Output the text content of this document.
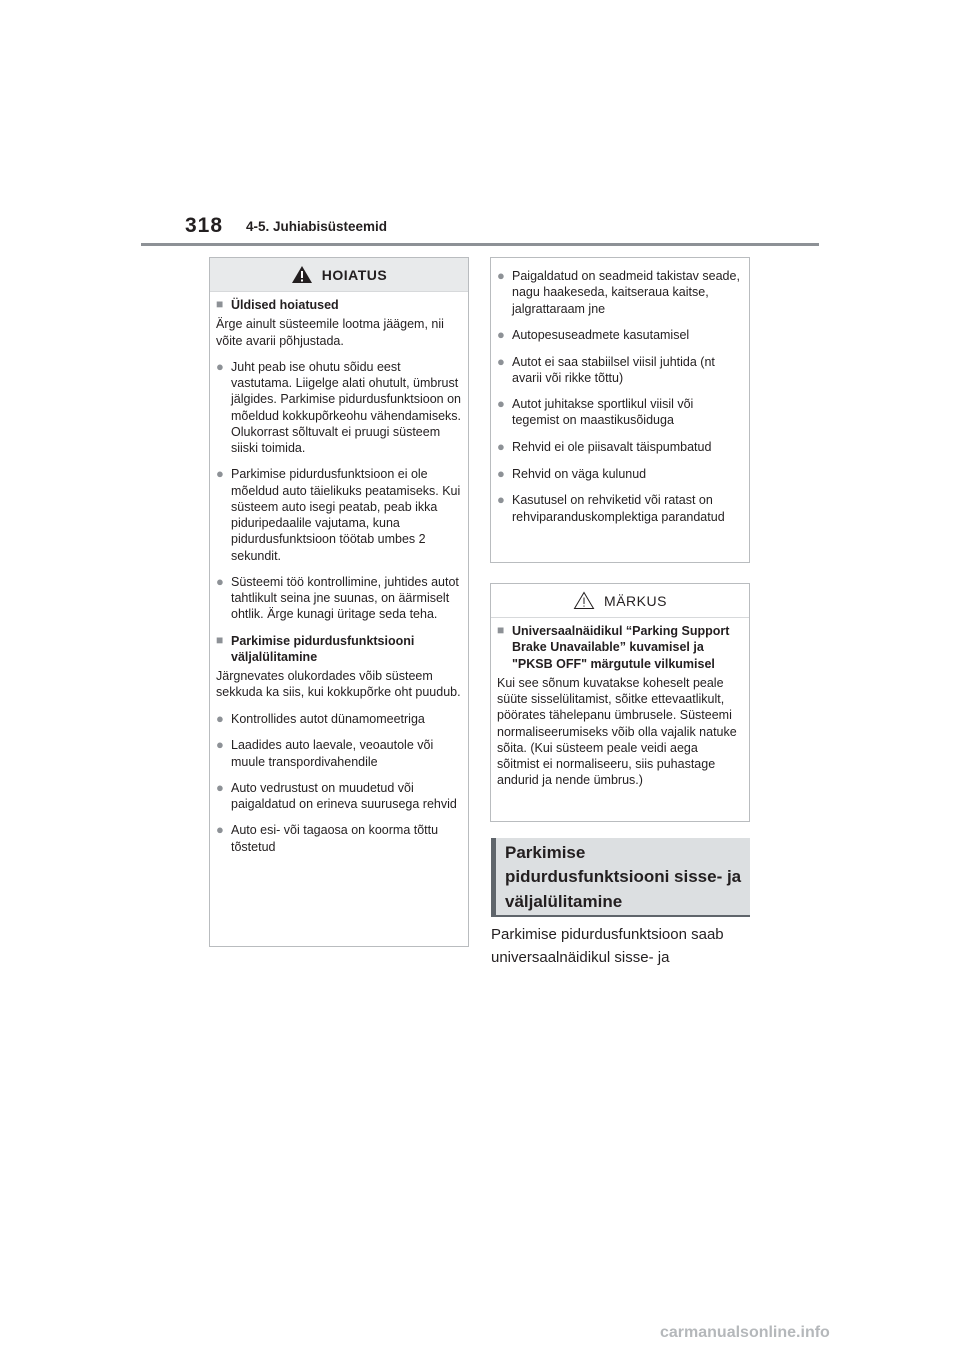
318 4-5. Juhiabisüsteemid
HOIATUS
■ Üldised hoiatused
Ärge ainult süsteemile lootma jäägem, nii võite avarii põhjustada.
● Juht peab ise ohutu sõidu eest vastutama. Liigelge alati ohutult, ümbrust jälgides. Parkimise pidurdusfunktsioon on mõeldud kokkupõrkeohu vähendamiseks. Olukorrast sõltuvalt ei pruugi süsteem siiski toimida.
● Parkimise pidurdusfunktsioon ei ole mõeldud auto täielikuks peatamiseks. Kui süsteem auto isegi peatab, peab ikka piduripedaalile vajutama, kuna pidurdusfunktsioon töötab umbes 2 sekundit.
● Süsteemi töö kontrollimine, juhtides autot tahtlikult seina jne suunas, on äärmiselt ohtlik. Ärge kunagi üritage seda teha.
■ Parkimise pidurdusfunktsiooni väljalülitamine
Järgnevates olukordades võib süsteem sekkuda ka siis, kui kokkupõrke oht puudub.
● Kontrollides autot dünamomeetriga
● Laadides auto laevale, veoautole või muule transpordivahendile
● Auto vedrustust on muudetud või paigaldatud on erineva suurusega rehvid
● Auto esi- või tagaosa on koorma tõttu tõstetud
● Paigaldatud on seadmeid takistav seade, nagu haakeseda, kaitseraua kaitse, jalgrattaraam jne
● Autopesuseadmete kasutamisel
● Autot ei saa stabiilsel viisil juhtida (nt avarii või rikke tõttu)
● Autot juhitakse sportlikul viisil või tegemist on maastikusõiduga
● Rehvid ei ole piisavalt täispumbatud
● Rehvid on väga kulunud
● Kasutusel on rehviketid või ratast on rehviparanduskomplektiga parandatud
MÄRKUS
■ Universaalnäidikul “Parking Support Brake Unavailable” kuvamisel ja "PKSB OFF" märgutule vilkumisel
Kui see sõnum kuvatakse koheselt peale süüte sisselülitamist, sõitke ettevaatlikult, pöörates tähelepanu ümbrusele. Süsteemi normaliseerumiseks võib olla vajalik natuke sõita. (Kui süsteem peale veidi aega sõitmist ei normaliseeru, siis puhastage andurid ja nende ümbrus.)
Parkimise pidurdusfunktsiooni sisse- ja väljalülitamine
Parkimise pidurdusfunktsioon saab universaalnäidikul sisse- ja
carmanualsonline.info
